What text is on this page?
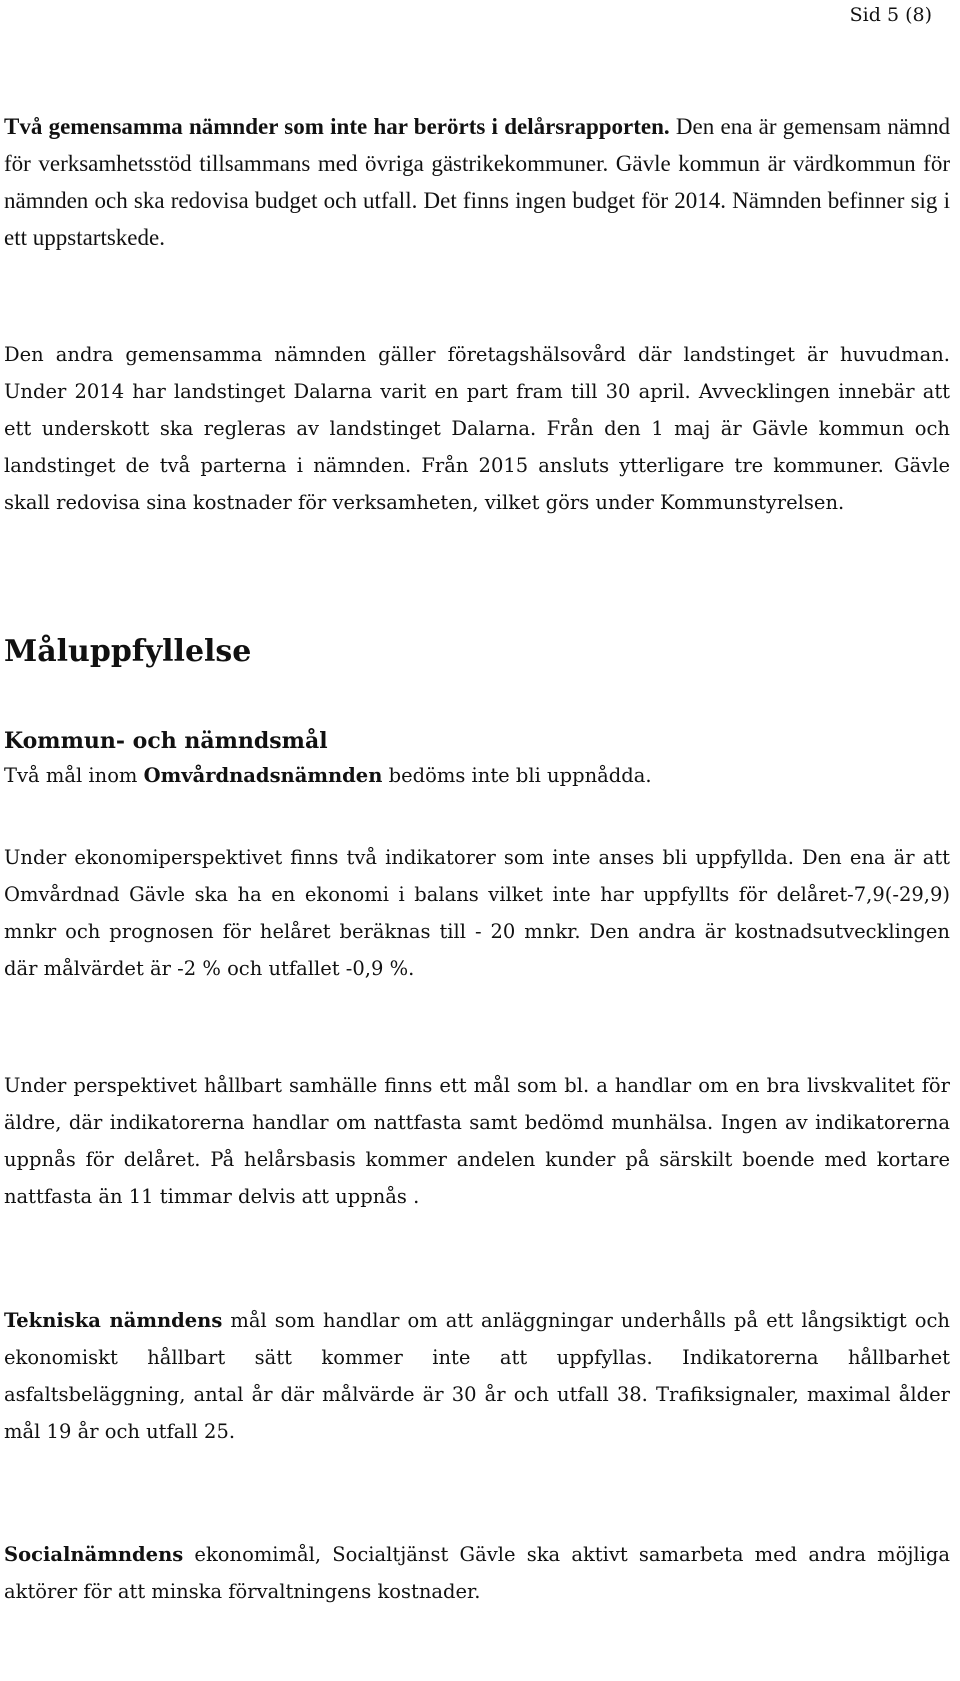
Sid 5 (8)

Två gemensamma nämnder som inte har berörts i delårsrapporten. Den ena är gemensam nämnd för verksamhetsstöd tillsammans med övriga gästrikekommuner. Gävle kommun är värdkommun för nämnden och ska redovisa budget och utfall. Det finns ingen budget för 2014. Nämnden befinner sig i ett uppstartskede.

Den andra gemensamma nämnden gäller företagshälsovård där landstinget är huvudman. Under 2014 har landstinget Dalarna varit en part fram till 30 april. Avvecklingen innebär att ett underskott ska regleras av landstinget Dalarna. Från den 1 maj är Gävle kommun och landstinget de två parterna i nämnden. Från 2015 ansluts ytterligare tre kommuner. Gävle skall redovisa sina kostnader för verksamheten, vilket görs under Kommunstyrelsen.

Måluppfyllelse
Kommun- och nämndsmål

Två mål inom Omvårdnadsnämnden bedöms inte bli uppnådda.

Under ekonomiperspektivet finns två indikatorer som inte anses bli uppfyllda. Den ena är att Omvårdnad Gävle ska ha en ekonomi i balans vilket inte har uppfyllts för delåret-7,9(-29,9) mnkr och prognosen för helåret beräknas till - 20 mnkr. Den andra är kostnadsutvecklingen där målvärdet är -2 % och utfallet -0,9 %.

Under perspektivet hållbart samhälle finns ett mål som bl. a handlar om en bra livskvalitet för äldre, där indikatorerna handlar om nattfasta samt bedömd munhälsa. Ingen av indikatorerna uppnås för delåret. På helårsbasis kommer andelen kunder på särskilt boende med kortare nattfasta än 11 timmar delvis att uppnås .

Tekniska nämndens mål som handlar om att anläggningar underhålls på ett långsiktigt och ekonomiskt hållbart sätt kommer inte att uppfyllas. Indikatorerna hållbarhet asfaltsbeläggning, antal år där målvärde är 30 år och utfall 38. Trafiksignaler, maximal ålder mål 19 år och utfall 25.

Socialnämndens ekonomimål, Socialtjänst Gävle ska aktivt samarbeta med andra möjliga aktörer för att minska förvaltningens kostnader.
